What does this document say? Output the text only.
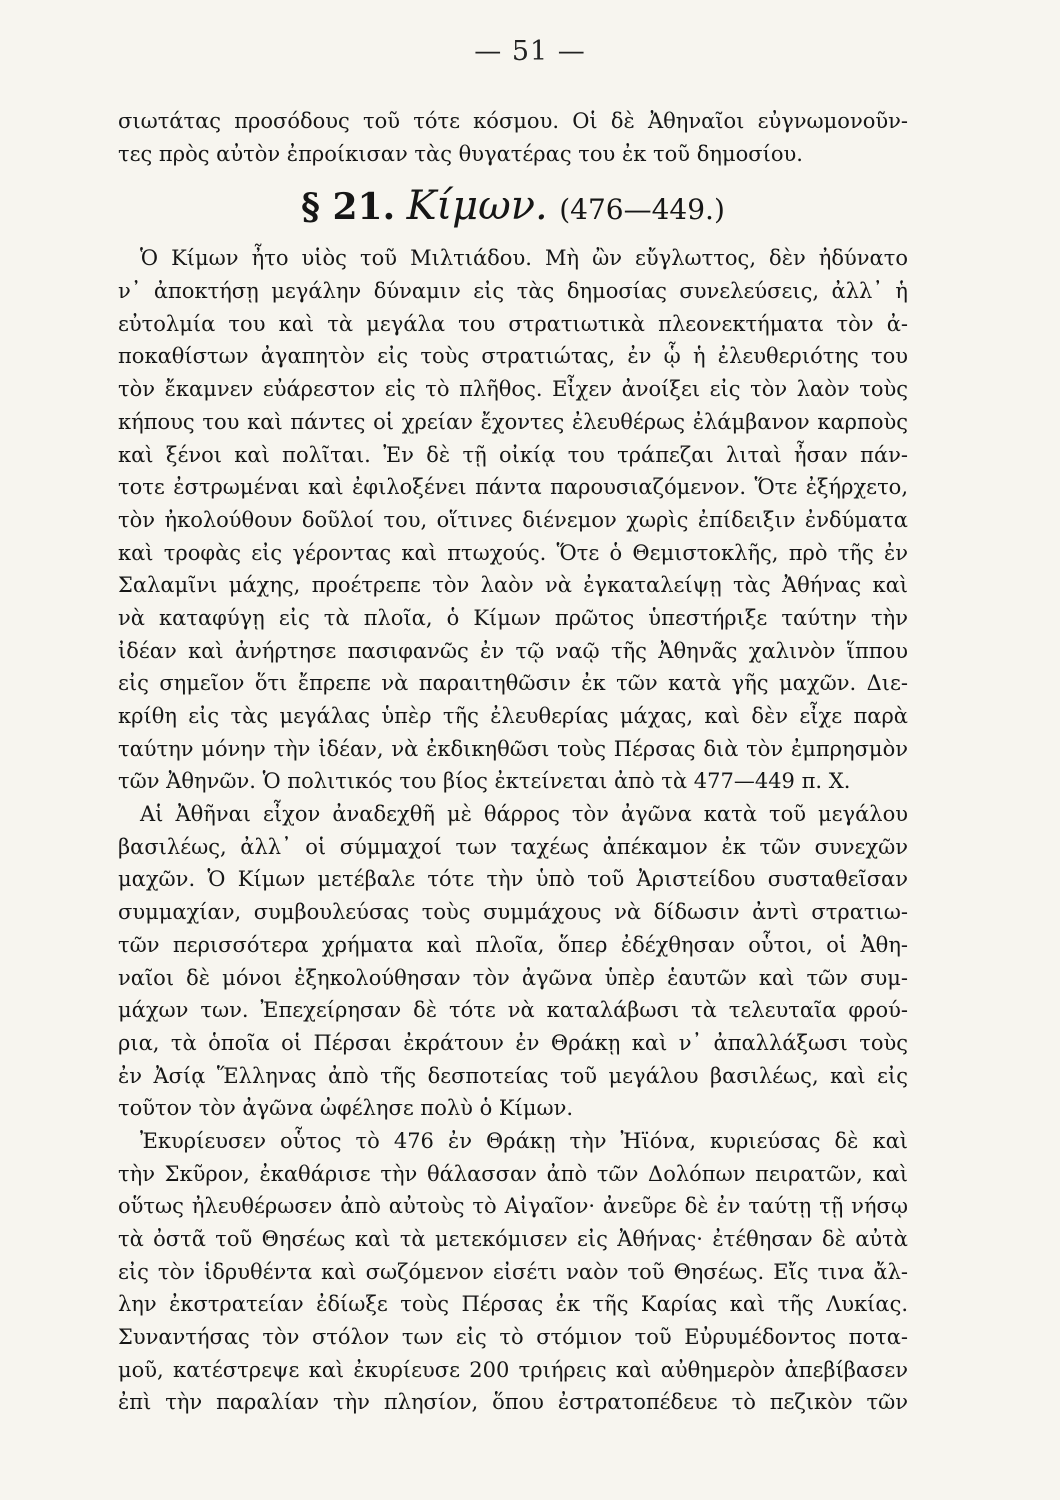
— 51 —
σιωτάτας προσόδους τοῦ τότε κόσμου. Οἱ δὲ Ἀθηναῖοι εὐγνωμονοῦν-
τες πρὸς αὐτὸν ἐπροίκισαν τὰς θυγατέρας του ἐκ τοῦ δημοσίου.
§ 21. Κίμων. (476—449.)
Ὁ Κίμων ἦτο υἱὸς τοῦ Μιλτιάδου. Μὴ ὢν εὔγλωττος, δὲν ἠδύνατο
ν᾽ ἀποκτήσῃ μεγάλην δύναμιν εἰς τὰς δημοσίας συνελεύσεις, ἀλλ᾽ ἡ
εὐτολμία του καὶ τὰ μεγάλα του στρατιωτικὰ πλεονεκτήματα τὸν ἀ-
ποκαθίστων ἀγαπητὸν εἰς τοὺς στρατιώτας, ἐν ᾧ ἡ ἐλευθεριότης του
τὸν ἔκαμνεν εὐάρεστον εἰς τὸ πλῆθος. Εἶχεν ἀνοίξει εἰς τὸν λαὸν τοὺς
κήπους του καὶ πάντες οἱ χρείαν ἔχοντες ἐλευθέρως ἐλάμβανον καρποὺς
καὶ ξένοι καὶ πολῖται. Ἐν δὲ τῇ οἰκίᾳ του τράπεζαι λιταὶ ἦσαν πάν-
τοτε ἐστρωμέναι καὶ ἐφιλοξένει πάντα παρουσιαζόμενον. Ὅτε ἐξήρχετο,
τὸν ἠκολούθουν δοῦλοί του, οἵτινες διένεμον χωρὶς ἐπίδειξιν ἐνδύματα
καὶ τροφὰς εἰς γέροντας καὶ πτωχούς. Ὅτε ὁ Θεμιστοκλῆς, πρὸ τῆς ἐν
Σαλαμῖνι μάχης, προέτρεπε τὸν λαὸν νὰ ἐγκαταλείψῃ τὰς Ἀθήνας καὶ
νὰ καταφύγῃ εἰς τὰ πλοῖα, ὁ Κίμων πρῶτος ὑπεστήριξε ταύτην τὴν
ἰδέαν καὶ ἀνήρτησε πασιφανῶς ἐν τῷ ναῷ τῆς Ἀθηνᾶς χαλινὸν ἵππου
εἰς σημεῖον ὅτι ἔπρεπε νὰ παραιτηθῶσιν ἐκ τῶν κατὰ γῆς μαχῶν. Διε-
κρίθη εἰς τὰς μεγάλας ὑπὲρ τῆς ἐλευθερίας μάχας, καὶ δὲν εἶχε παρὰ
ταύτην μόνην τὴν ἰδέαν, νὰ ἐκδικηθῶσι τοὺς Πέρσας διὰ τὸν ἐμπρησμὸν
τῶν Ἀθηνῶν. Ὁ πολιτικός του βίος ἐκτείνεται ἀπὸ τὰ 477—449 π. Χ.
Αἱ Ἀθῆναι εἶχον ἀναδεχθῆ μὲ θάρρος τὸν ἀγῶνα κατὰ τοῦ μεγάλου
βασιλέως, ἀλλ᾽ οἱ σύμμαχοί των ταχέως ἀπέκαμον ἐκ τῶν συνεχῶν
μαχῶν. Ὁ Κίμων μετέβαλε τότε τὴν ὑπὸ τοῦ Ἀριστείδου συσταθεῖσαν
συμμαχίαν, συμβουλεύσας τοὺς συμμάχους νὰ δίδωσιν ἀντὶ στρατιω-
τῶν περισσότερα χρήματα καὶ πλοῖα, ὅπερ ἐδέχθησαν οὗτοι, οἱ Ἀθη-
ναῖοι δὲ μόνοι ἐξηκολούθησαν τὸν ἀγῶνα ὑπὲρ ἑαυτῶν καὶ τῶν συμ-
μάχων των. Ἐπεχείρησαν δὲ τότε νὰ καταλάβωσι τὰ τελευταῖα φρού-
ρια, τὰ ὁποῖα οἱ Πέρσαι ἐκράτουν ἐν Θράκῃ καὶ ν᾽ ἀπαλλάξωσι τοὺς
ἐν Ἀσίᾳ Ἕλληνας ἀπὸ τῆς δεσποτείας τοῦ μεγάλου βασιλέως, καὶ εἰς
τοῦτον τὸν ἀγῶνα ὠφέλησε πολὺ ὁ Κίμων.
Ἐκυρίευσεν οὗτος τὸ 476 ἐν Θράκῃ τὴν Ἠϊόνα, κυριεύσας δὲ καὶ
τὴν Σκῦρον, ἐκαθάρισε τὴν θάλασσαν ἀπὸ τῶν Δολόπων πειρατῶν, καὶ
οὕτως ἠλευθέρωσεν ἀπὸ αὐτοὺς τὸ Αἰγαῖον· ἀνεῦρε δὲ ἐν ταύτῃ τῇ νήσῳ
τὰ ὀστᾶ τοῦ Θησέως καὶ τὰ μετεκόμισεν εἰς Ἀθήνας· ἐτέθησαν δὲ αὐτὰ
εἰς τὸν ἱδρυθέντα καὶ σωζόμενον εἰσέτι ναὸν τοῦ Θησέως. Εἴς τινα ἄλ-
λην ἐκστρατείαν ἐδίωξε τοὺς Πέρσας ἐκ τῆς Καρίας καὶ τῆς Λυκίας.
Συναντήσας τὸν στόλον των εἰς τὸ στόμιον τοῦ Εὐρυμέδοντος ποτα-
μοῦ, κατέστρεψε καὶ ἐκυρίευσε 200 τριήρεις καὶ αὐθημερὸν ἀπεβίβασεν
ἐπὶ τὴν παραλίαν τὴν πλησίον, ὅπου ἐστρατοπέδευε τὸ πεζικὸν τῶν
